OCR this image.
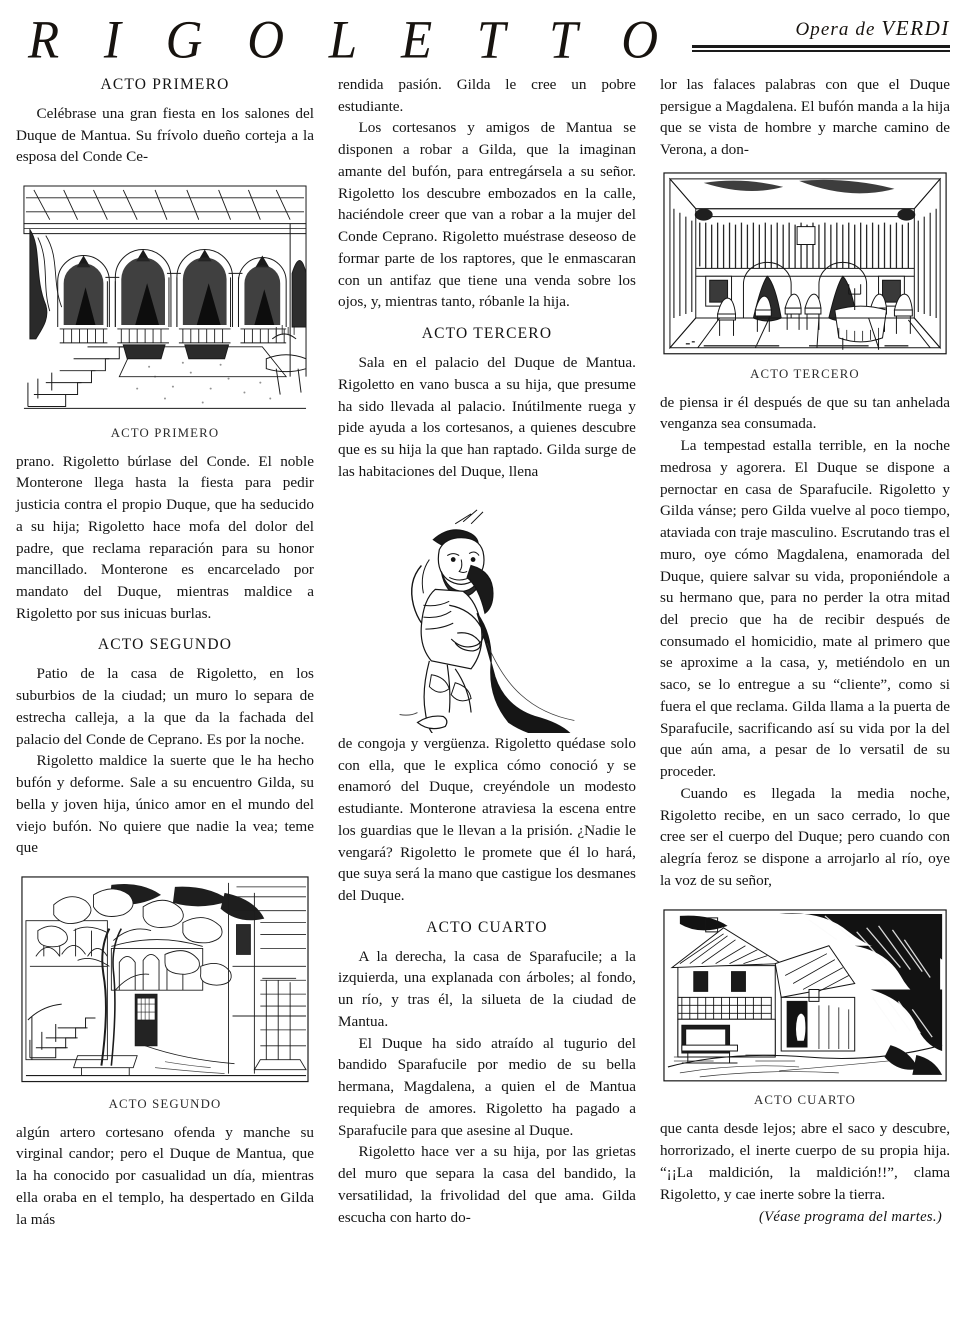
R I G O L E T T O	Opera de VERDI
ACTO PRIMERO

Celébrase una gran fiesta en los salones del Duque de Mantua. Su frívolo dueño corteja a la esposa del Conde Ce-

ACTO PRIMERO

prano. Rigoletto búrlase del Conde. El noble Monterone llega hasta la fiesta para pedir justicia contra el propio Duque, que ha seducido a su hija; Rigoletto hace mofa del dolor del padre, que reclama reparación para su honor mancillado. Monterone es encarcelado por mandato del Duque, mientras maldice a Rigoletto por sus inicuas burlas.

ACTO SEGUNDO

Patio de la casa de Rigoletto, en los suburbios de la ciudad; un muro lo separa de estrecha calleja, a la que da la fachada del palacio del Conde de Ceprano. Es por la noche.

Rigoletto maldice la suerte que le ha hecho bufón y deforme. Sale a su encuentro Gilda, su bella y joven hija, único amor en el mundo del viejo bufón. No quiere que nadie la vea; teme que

ACTO SEGUNDO

algún artero cortesano ofenda y manche su virginal candor; pero el Duque de Mantua, que la ha conocido por casualidad un día, mientras ella oraba en el templo, ha despertado en Gilda la más

rendida pasión. Gilda le cree un pobre estudiante.

Los cortesanos y amigos de Mantua se disponen a robar a Gilda, que la imaginan amante del bufón, para entregársela a su señor. Rigoletto los descubre embozados en la calle, haciéndole creer que van a robar a la mujer del Conde Ceprano. Rigoletto muéstrase deseoso de formar parte de los raptores, que le enmascaran con un antifaz que tiene una venda sobre los ojos, y, mientras tanto, róbanle la hija.

ACTO TERCERO

Sala en el palacio del Duque de Mantua. Rigoletto en vano busca a su hija, que presume ha sido llevada al palacio. Inútilmente ruega y pide ayuda a los cortesanos, a quienes descubre que es su hija la que han raptado. Gilda surge de las habitaciones del Duque, llena

de congoja y vergüenza. Rigoletto quédase solo con ella, que le explica cómo conoció y se enamoró del Duque, creyéndole un modesto estudiante. Monterone atraviesa la escena entre los guardias que le llevan a la prisión. ¿Nadie le vengará? Rigoletto le promete que él lo hará, que suya será la mano que castigue los desmanes del Duque.

ACTO CUARTO

A la derecha, la casa de Sparafucile; a la izquierda, una explanada con árboles; al fondo, un río, y tras él, la silueta de la ciudad de Mantua.

El Duque ha sido atraído al tugurio del bandido Sparafucile por medio de su bella hermana, Magdalena, a quien el de Mantua requiebra de amores. Rigoletto ha pagado a Sparafucile para que asesine al Duque.

Rigoletto hace ver a su hija, por las grietas del muro que separa la casa del bandido, la versatilidad, la frivolidad del que ama. Gilda escucha con harto do-

lor las falaces palabras con que el Duque persigue a Magdalena. El bufón manda a la hija que se vista de hombre y marche camino de Verona, a don-

ACTO TERCERO

de piensa ir él después de que su tan anhelada venganza sea consumada.

La tempestad estalla terrible, en la noche medrosa y agorera. El Duque se dispone a pernoctar en casa de Sparafucile. Rigoletto y Gilda vánse; pero Gilda vuelve al poco tiempo, ataviada con traje masculino. Escrutando tras el muro, oye cómo Magdalena, enamorada del Duque, quiere salvar su vida, proponiéndole a su hermano que, para no perder la otra mitad del precio que ha de recibir después de consumado el homicidio, mate al primero que se aproxime a la casa, y, metiéndolo en un saco, se lo entregue a su “cliente”, como si fuera el que reclama. Gilda llama a la puerta de Sparafucile, sacrificando así su vida por la del que aún ama, a pesar de lo versatil de su proceder.

Cuando es llegada la media noche, Rigoletto recibe, en un saco cerrado, lo que cree ser el cuerpo del Duque; pero cuando con alegría feroz se dispone a arrojarlo al río, oye la voz de su señor,

ACTO CUARTO

que canta desde lejos; abre el saco y descubre, horrorizado, el inerte cuerpo de su propia hija. “¡¡La maldición, la maldición!!”, clama Rigoletto, y cae inerte sobre la tierra.

(Véase programa del martes.)
